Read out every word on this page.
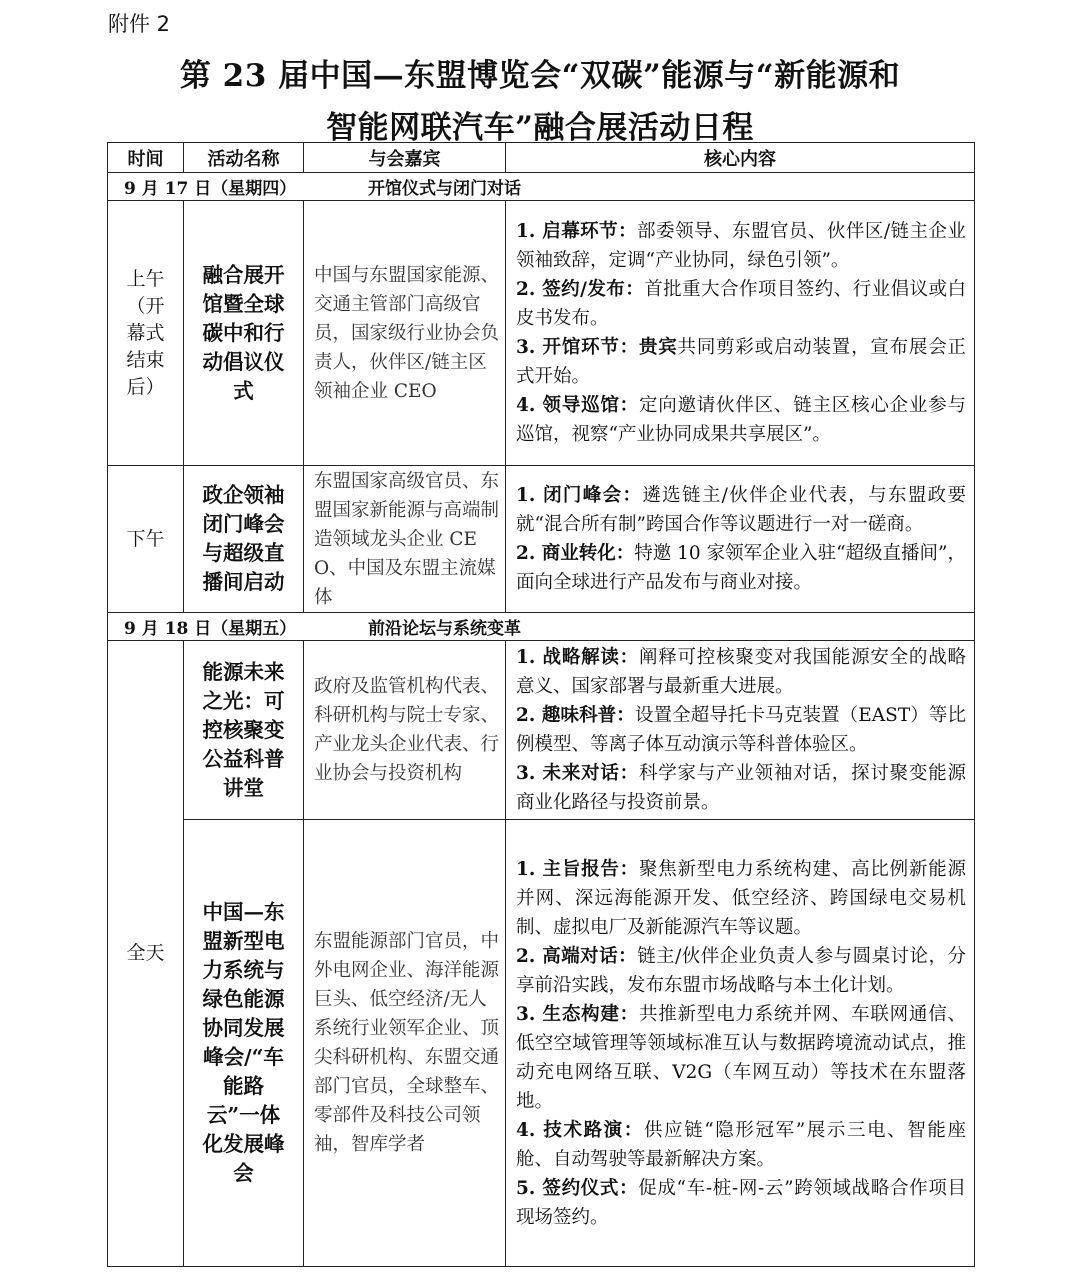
附件 2
第 23 届中国—东盟博览会“双碳”能源与“新能源和
智能网联汽车”融合展活动日程
时间	活动名称	与会嘉宾	核心内容
9 月 17 日（星期四） 开馆仪式与闭门对话			
上午（开幕式结束后）	融合展开馆暨全球碳中和行动倡议仪式	中国与东盟国家能源、交通主管部门高级官员，国家级行业协会负责人，伙伴区/链主区领袖企业 CEO	1. 启幕环节：部委领导、东盟官员、伙伴区/链主企业领袖致辞，定调“产业协同，绿色引领”。
2. 签约/发布：首批重大合作项目签约、行业倡议或白皮书发布。
3. 开馆环节：贵宾共同剪彩或启动装置，宣布展会正式开始。
4. 领导巡馆：定向邀请伙伴区、链主区核心企业参与巡馆，视察“产业协同成果共享展区”。

下午	政企领袖闭门峰会与超级直播间启动	东盟国家高级官员、东盟国家新能源与高端制造领域龙头企业 CEO、中国及东盟主流媒体	1. 闭门峰会：遴选链主/伙伴企业代表，与东盟政要就“混合所有制”跨国合作等议题进行一对一磋商。
2. 商业转化：特邀 10 家领军企业入驻“超级直播间”，面向全球进行产品发布与商业对接。

9 月 18 日（星期五） 前沿论坛与系统变革			
全天	能源未来之光：可控核聚变公益科普讲堂	政府及监管机构代表、科研机构与院士专家、产业龙头企业代表、行业协会与投资机构	1. 战略解读：阐释可控核聚变对我国能源安全的战略意义、国家部署与最新重大进展。
2. 趣味科普：设置全超导托卡马克装置（EAST）等比例模型、等离子体互动演示等科普体验区。
3. 未来对话：科学家与产业领袖对话，探讨聚变能源商业化路径与投资前景。

	中国—东盟新型电力系统与绿色能源协同发展峰会/“车能路云”一体化发展峰会	东盟能源部门官员，中外电网企业、海洋能源巨头、低空经济/无人系统行业领军企业、顶尖科研机构、东盟交通部门官员，全球整车、零部件及科技公司领袖，智库学者	1. 主旨报告：聚焦新型电力系统构建、高比例新能源并网、深远海能源开发、低空经济、跨国绿电交易机制、虚拟电厂及新能源汽车等议题。
2. 高端对话：链主/伙伴企业负责人参与圆桌讨论，分享前沿实践，发布东盟市场战略与本土化计划。
3. 生态构建：共推新型电力系统并网、车联网通信、低空空域管理等领域标准互认与数据跨境流动试点，推动充电网络互联、V2G（车网互动）等技术在东盟落地。
4. 技术路演：供应链“隐形冠军”展示三电、智能座舱、自动驾驶等最新解决方案。
5. 签约仪式：促成“车-桩-网-云”跨领域战略合作项目现场签约。
